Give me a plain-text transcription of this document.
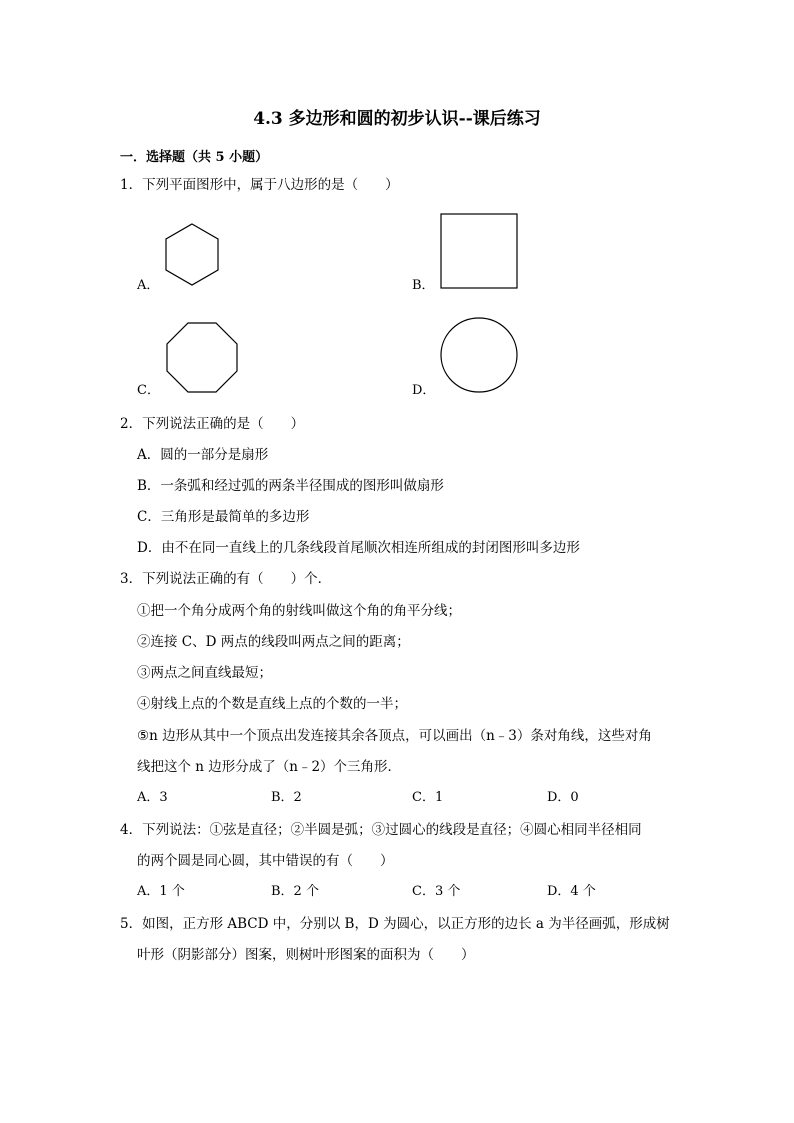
4.3 多边形和圆的初步认识--课后练习
一．选择题（共 5 小题）
1．下列平面图形中，属于八边形的是（　　）
A．	B．
C．	D．
2．下列说法正确的是（　　）
A．圆的一部分是扇形
B．一条弧和经过弧的两条半径围成的图形叫做扇形
C．三角形是最简单的多边形
D．由不在同一直线上的几条线段首尾顺次相连所组成的封闭图形叫多边形
3．下列说法正确的有（　　）个．
①把一个角分成两个角的射线叫做这个角的角平分线；
②连接 C、D 两点的线段叫两点之间的距离；
③两点之间直线最短；
④射线上点的个数是直线上点的个数的一半；
⑤n 边形从其中一个顶点出发连接其余各顶点，可以画出（n﹣3）条对角线，这些对角
线把这个 n 边形分成了（n﹣2）个三角形．
A．3	B．2	C．1	D．0
4．下列说法：①弦是直径；②半圆是弧；③过圆心的线段是直径；④圆心相同半径相同
的两个圆是同心圆，其中错误的有（　　）
A．1 个	B．2 个	C．3 个	D．4 个
5．如图，正方形 ABCD 中，分别以 B，D 为圆心，以正方形的边长 a 为半径画弧，形成树
叶形（阴影部分）图案，则树叶形图案的面积为（　　）
